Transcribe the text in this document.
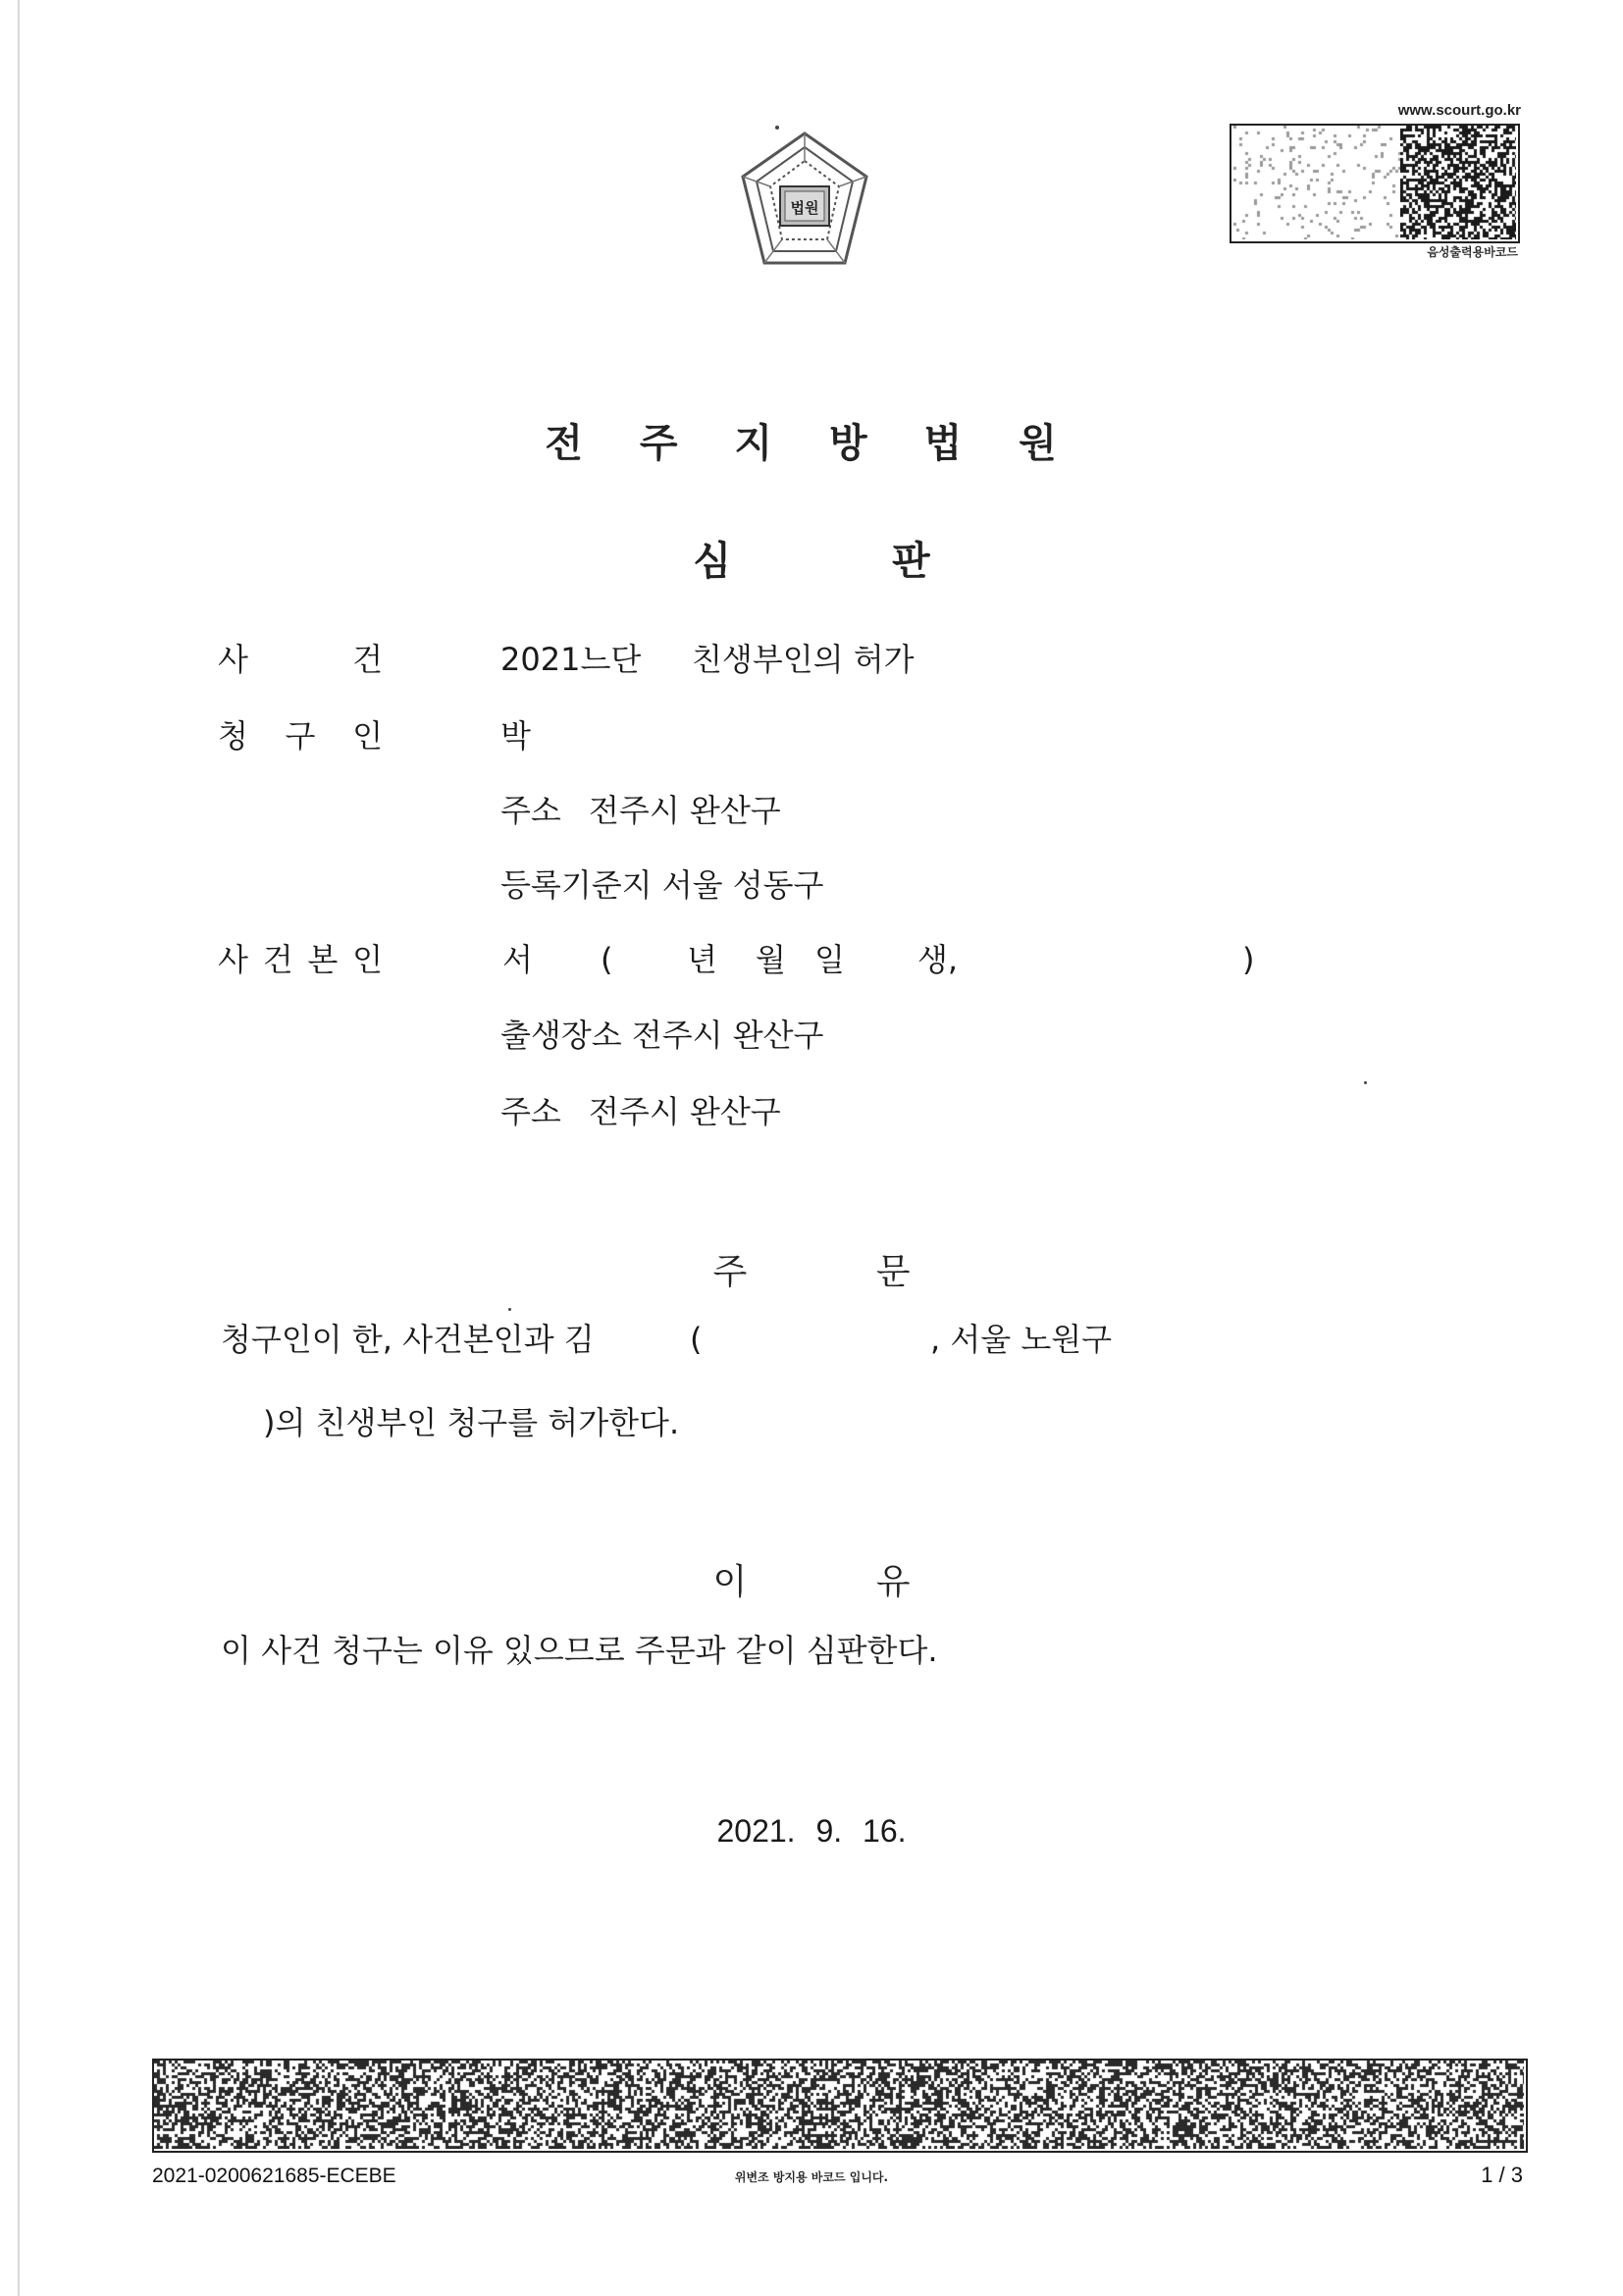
법원
www.scourt.go.kr
음성출력용바코드
전 주 지 방 법 원
심 판
사 건	2021느단 친생부인의 허가
청 구 인	박
주소 전주시 완산구
등록기준지 서울 성동구
사 건 본 인	서 ( 년 월 일 생,	)
출생장소 전주시 완산구
주소 전주시 완산구
주 문
청구인이 한, 사건본인과 김	(	, 서울 노원구
)의 친생부인 청구를 허가한다.
이 유
이 사건 청구는 이유 있으므로 주문과 같이 심판한다.
2021. 9. 16.
2021-0200621685-ECEBE	위변조 방지용 바코드 입니다.	1 / 3
